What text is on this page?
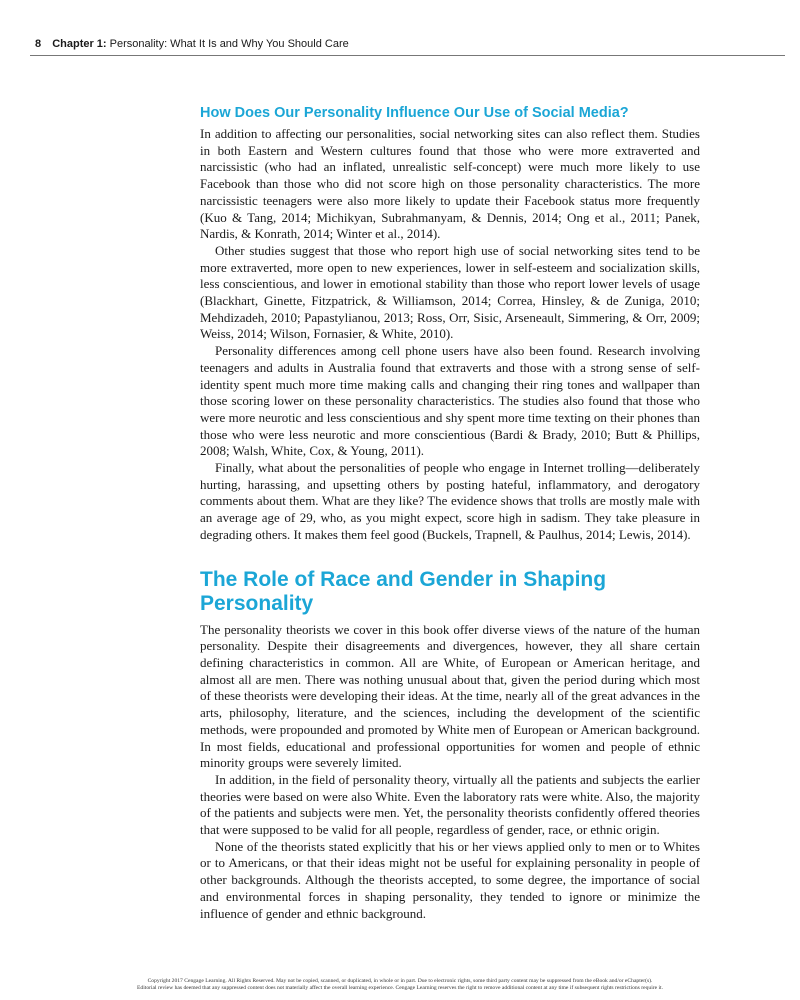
8 Chapter 1: Personality: What It Is and Why You Should Care
How Does Our Personality Influence Our Use of Social Media?

In addition to affecting our personalities, social networking sites can also reflect them. Studies in both Eastern and Western cultures found that those who were more extraverted and narcissistic (who had an inflated, unrealistic self-concept) were much more likely to use Facebook than those who did not score high on those personality characteristics. The more narcissistic teenagers were also more likely to update their Facebook status more frequently (Kuo & Tang, 2014; Michikyan, Subrahmanyam, & Dennis, 2014; Ong et al., 2011; Panek, Nardis, & Konrath, 2014; Winter et al., 2014).

Other studies suggest that those who report high use of social networking sites tend to be more extraverted, more open to new experiences, lower in self-esteem and socialization skills, less conscientious, and lower in emotional stability than those who report lower levels of usage (Blackhart, Ginette, Fitzpatrick, & Williamson, 2014; Correa, Hinsley, & de Zuniga, 2010; Mehdizadeh, 2010; Papastylianou, 2013; Ross, Orr, Sisic, Arseneault, Simmering, & Orr, 2009; Weiss, 2014; Wilson, Fornasier, & White, 2010).

Personality differences among cell phone users have also been found. Research involving teenagers and adults in Australia found that extraverts and those with a strong sense of self-identity spent much more time making calls and changing their ring tones and wallpaper than those scoring lower on these personality characteristics. The studies also found that those who were more neurotic and less conscientious and shy spent more time texting on their phones than those who were less neurotic and more conscientious (Bardi & Brady, 2010; Butt & Phillips, 2008; Walsh, White, Cox, & Young, 2011).

Finally, what about the personalities of people who engage in Internet trolling—deliberately hurting, harassing, and upsetting others by posting hateful, inflammatory, and derogatory comments about them. What are they like? The evidence shows that trolls are mostly male with an average age of 29, who, as you might expect, score high in sadism. They take pleasure in degrading others. It makes them feel good (Buckels, Trapnell, & Paulhus, 2014; Lewis, 2014).

The Role of Race and Gender in Shaping Personality

The personality theorists we cover in this book offer diverse views of the nature of the human personality. Despite their disagreements and divergences, however, they all share certain defining characteristics in common. All are White, of European or American heritage, and almost all are men. There was nothing unusual about that, given the period during which most of these theorists were developing their ideas. At the time, nearly all of the great advances in the arts, philosophy, literature, and the sciences, including the development of the scientific methods, were propounded and promoted by White men of European or American background. In most fields, educational and professional opportunities for women and people of ethnic minority groups were severely limited.

In addition, in the field of personality theory, virtually all the patients and subjects the earlier theories were based on were also White. Even the laboratory rats were white. Also, the majority of the patients and subjects were men. Yet, the personality theorists confidently offered theories that were supposed to be valid for all people, regardless of gender, race, or ethnic origin.

None of the theorists stated explicitly that his or her views applied only to men or to Whites or to Americans, or that their ideas might not be useful for explaining personality in people of other backgrounds. Although the theorists accepted, to some degree, the importance of social and environmental forces in shaping personality, they tended to ignore or minimize the influence of gender and ethnic background.

Copyright 2017 Cengage Learning. All Rights Reserved. May not be copied, scanned, or duplicated, in whole or in part. Due to electronic rights, some third party content may be suppressed from the eBook and/or eChapter(s).
Editorial review has deemed that any suppressed content does not materially affect the overall learning experience. Cengage Learning reserves the right to remove additional content at any time if subsequent rights restrictions require it.
